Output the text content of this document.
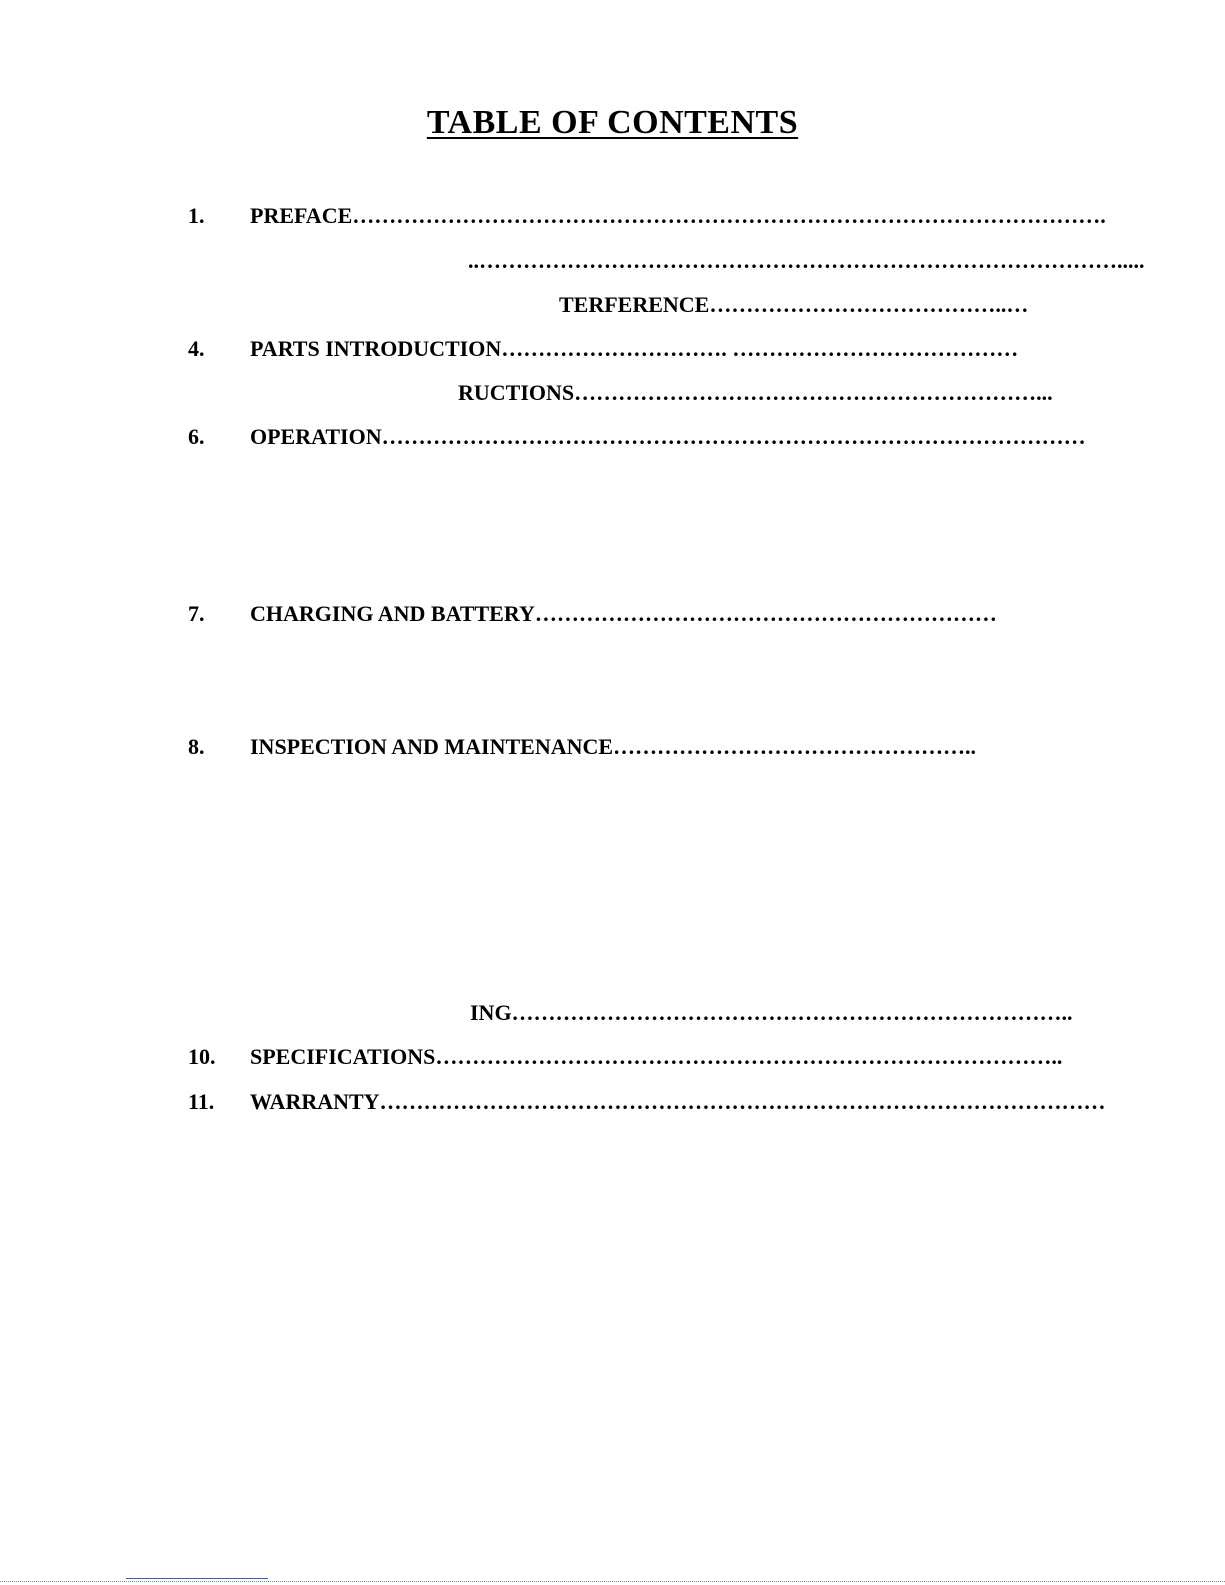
TABLE OF CONTENTS
1. PREFACE………………………………………………………………………………………….
..…………………………………………………………………………….....
TERFERENCE…………………………………..…
4. PARTS INTRODUCTION…………………………. …………………………………
RUCTIONS………………………………………………………...
6. OPERATION……………………………………………………………………………………
7. CHARGING AND BATTERY………………………………………………………
8. INSPECTION AND MAINTENANCE…………………………………………..
ING…………………………………………………………………..
10. SPECIFICATIONS…………………………………………………………………………..
11. WARRANTY………………………………………………………………………………………
